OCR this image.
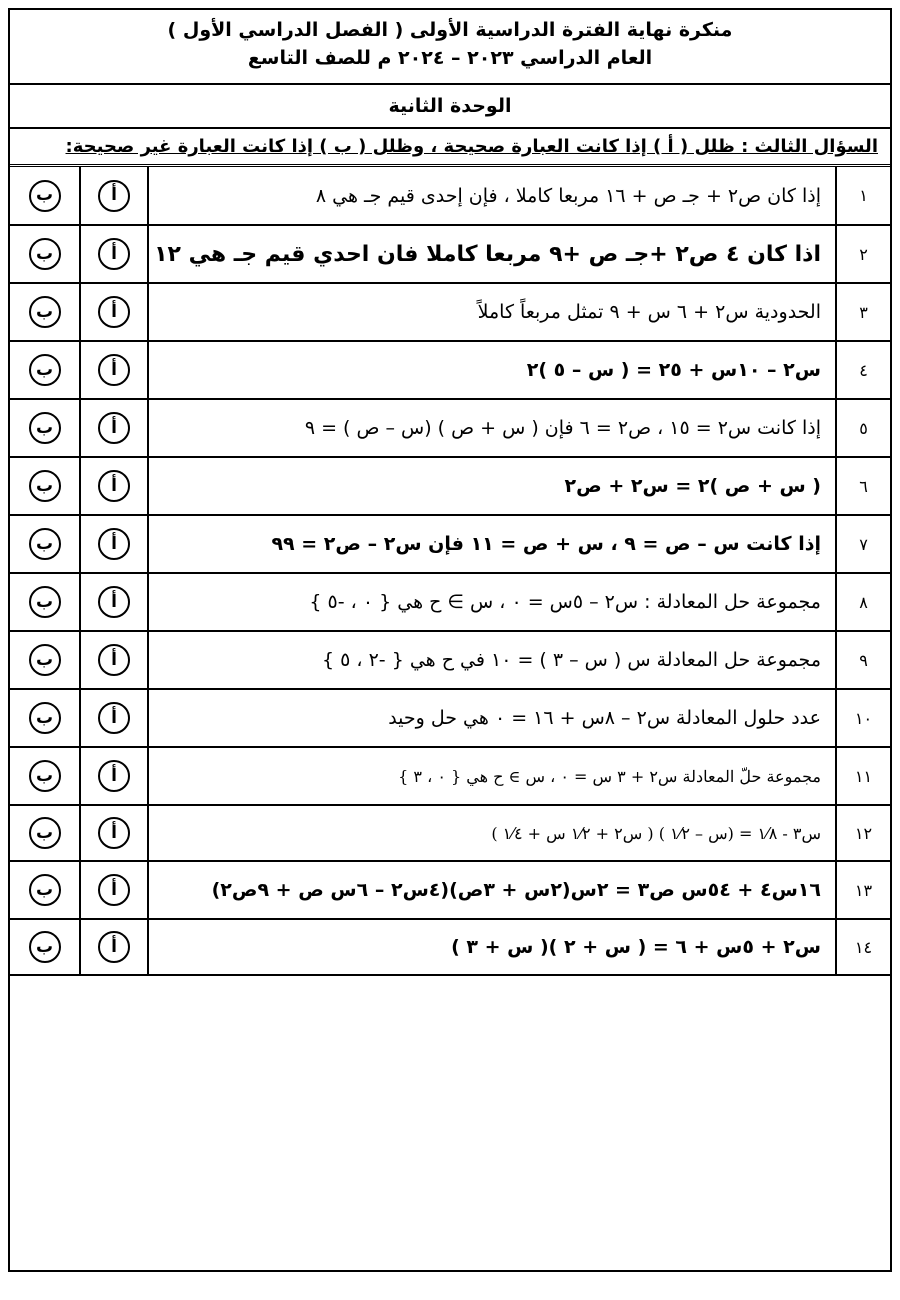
منكرة نهاية الفترة الدراسية الأولى ( الفصل الدراسي الأول )
العام الدراسي ٢٠٢٣ – ٢٠٢٤ م للصف التاسع
الوحدة الثانية
السؤال الثالث : ظلل ( أ ) إذا كانت العبارة صحيحة ، وظلل ( ب ) إذا كانت العبارة غير صحيحة:
١	إذا كان ص٢ + جـ ص + ١٦ مربعا كاملا ، فإن إحدى قيم جـ هي ٨	أ	ب
٢	اذا كان ٤ ص٢ +جـ ص +٩ مربعا كاملا فان احدي قيم جـ هي ١٢	أ	ب
٣	الحدودية س٢ + ٦ س + ٩ تمثل مربعاً كاملاً	أ	ب
٤	س٢ – ١٠س + ٢٥ = ( س – ٥ )٢	أ	ب
٥	إذا كانت س٢ = ١٥ ، ص٢ = ٦ فإن ( س + ص ) (س – ص ) = ٩	أ	ب
٦	( س + ص )٢ = س٢ + ص٢	أ	ب
٧	إذا كانت س – ص = ٩ ، س + ص = ١١ فإن س٢ – ص٢ = ٩٩	أ	ب
٨	مجموعة حل المعادلة : س٢ – ٥س = ٠ ، س ∋ ح هي { ٠ ، -٥ }	أ	ب
٩	مجموعة حل المعادلة س ( س – ٣ ) = ١٠ في ح هي { -٢ ، ٥ }	أ	ب
١٠	عدد حلول المعادلة س٢ – ٨س + ١٦ = ٠ هي حل وحيد	أ	ب
١١	مجموعة حلّ المعادلة س٢ + ٣ س = ٠ ، س ∋ ح هي { ٠ ، ٣ }	أ	ب
١٢	س٣ - ١⁄٨ = (س – ١⁄٢ ) ( س٢ + ١⁄٢ س + ١⁄٤ )	أ	ب
١٣	١٦س٤ + ٥٤س ص٣ = ٢س(٢س + ٣ص)(٤س٢ – ٦س ص + ٩ص٢)	أ	ب
١٤	س٢ + ٥س + ٦ = ( س + ٢ )( س + ٣ )	أ	ب
